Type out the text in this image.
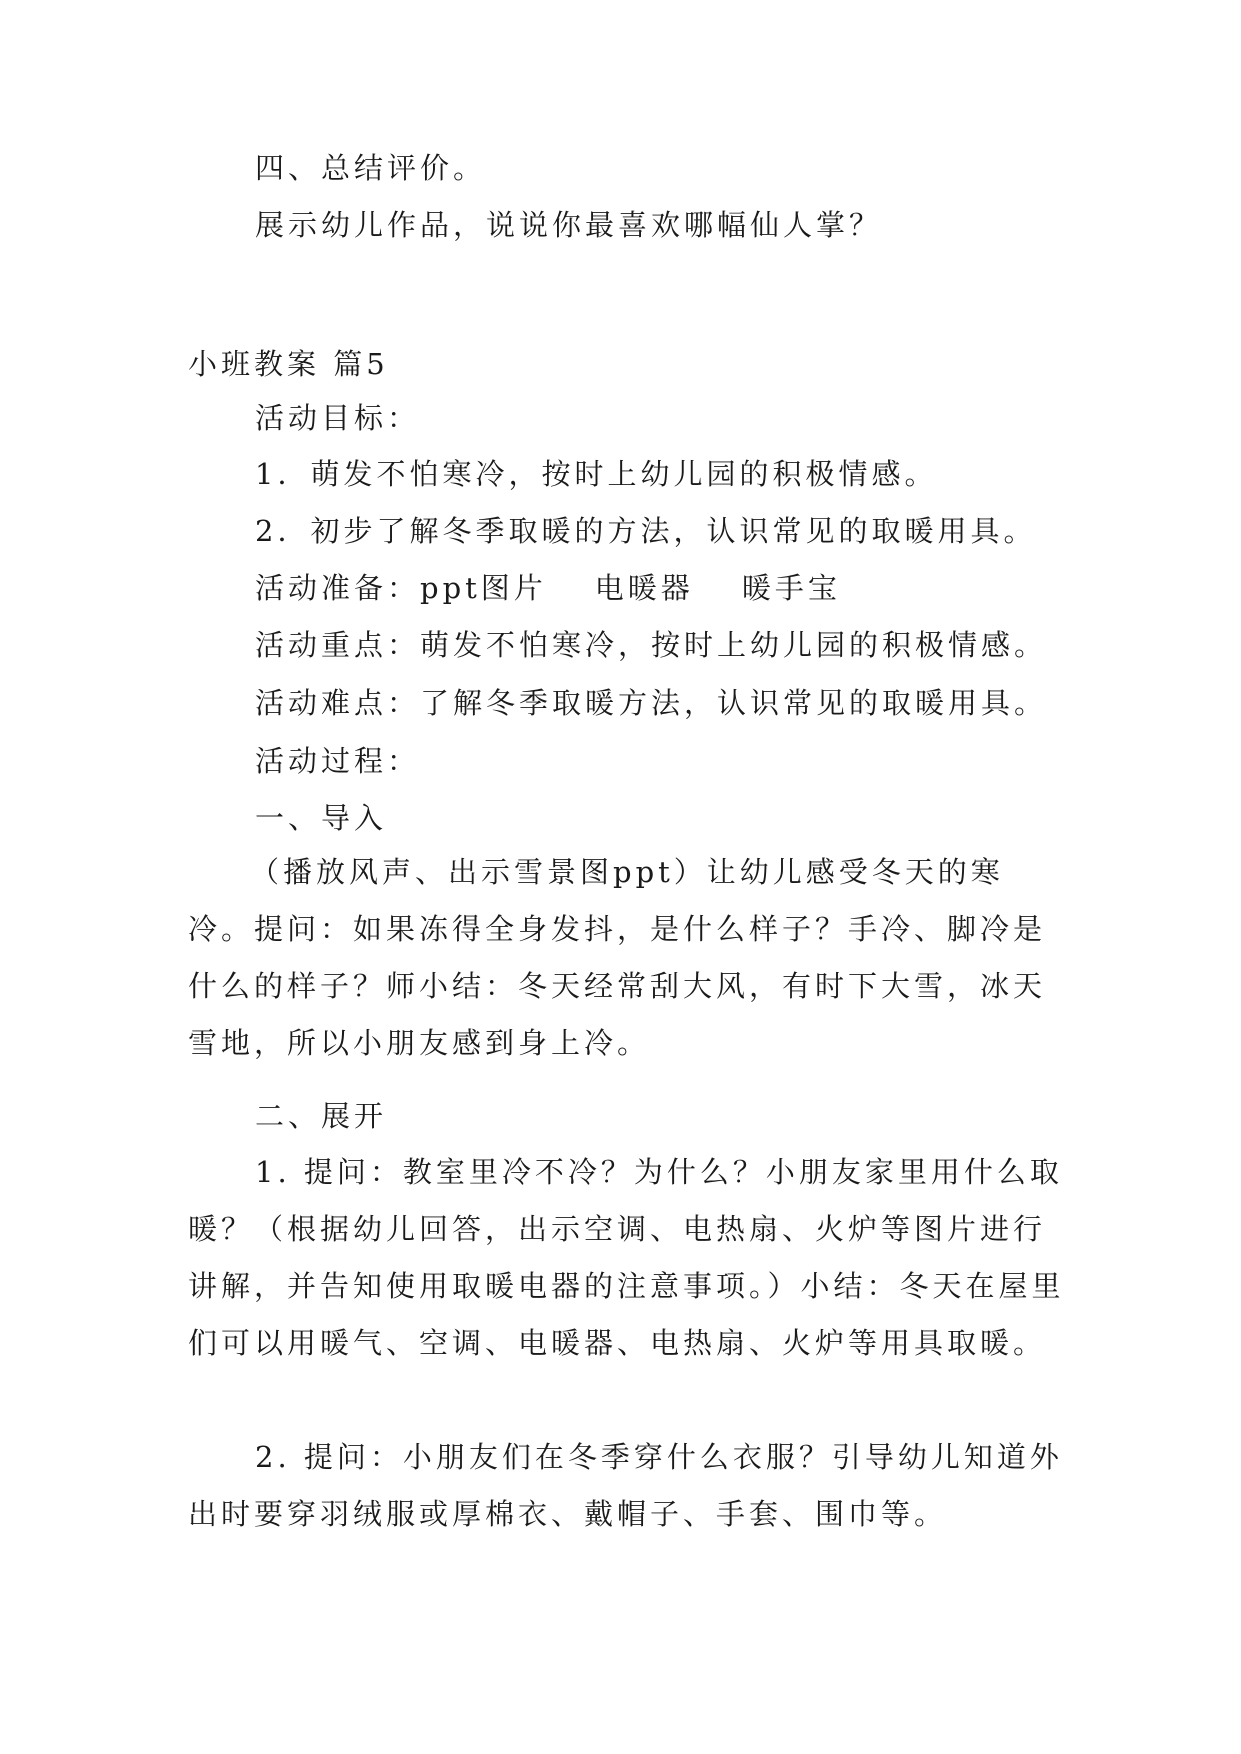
四、总结评价。
展示幼儿作品，说说你最喜欢哪幅仙人掌？
小班教案 篇5
活动目标：
1．萌发不怕寒冷，按时上幼儿园的积极情感。
2．初步了解冬季取暖的方法，认识常见的取暖用具。
活动准备：ppt图片 电暖器 暖手宝
活动重点：萌发不怕寒冷，按时上幼儿园的积极情感。
活动难点：了解冬季取暖方法，认识常见的取暖用具。
活动过程：
一、导入
（播放风声、出示雪景图ppt）让幼儿感受冬天的寒冷。提问：如果冻得全身发抖，是什么样子？手冷、脚冷是什么的样子？师小结：冬天经常刮大风，有时下大雪，冰天雪地，所以小朋友感到身上冷。
二、展开
1. 提问：教室里冷不冷？为什么？小朋友家里用什么取暖？（根据幼儿回答，出示空调、电热扇、火炉等图片进行讲解，并告知使用取暖电器的注意事项。）小结：冬天在屋里们可以用暖气、空调、电暖器、电热扇、火炉等用具取暖。
2. 提问：小朋友们在冬季穿什么衣服？引导幼儿知道外出时要穿羽绒服或厚棉衣、戴帽子、手套、围巾等。
